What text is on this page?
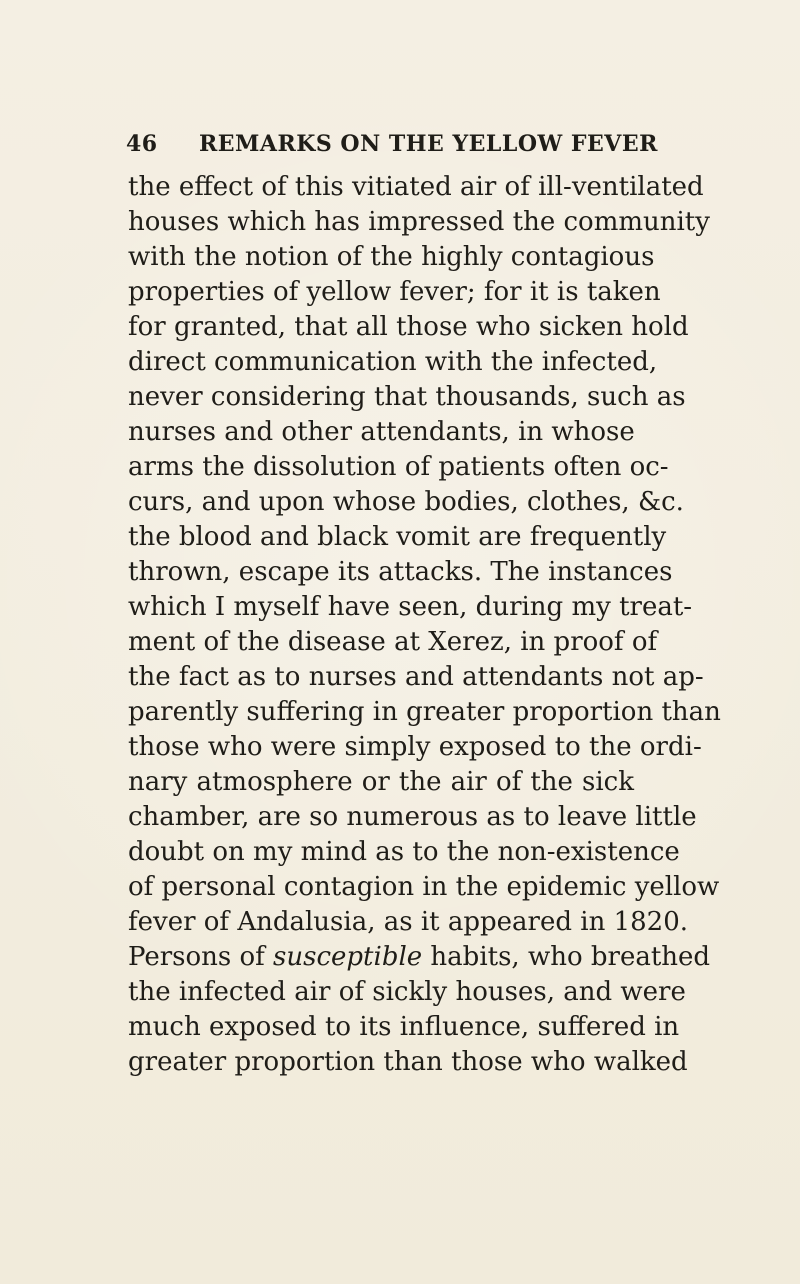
46 REMARKS ON THE YELLOW FEVER
the effect of this vitiated air of ill-ventilated
houses which has impressed the community
with the notion of the highly contagious
properties of yellow fever; for it is taken
for granted, that all those who sicken hold
direct communication with the infected,
never considering that thousands, such as
nurses and other attendants, in whose
arms the dissolution of patients often oc-
curs, and upon whose bodies, clothes, &c.
the blood and black vomit are frequently
thrown, escape its attacks. The instances
which I myself have seen, during my treat-
ment of the disease at Xerez, in proof of
the fact as to nurses and attendants not ap-
parently suffering in greater proportion than
those who were simply exposed to the ordi-
nary atmosphere or the air of the sick
chamber, are so numerous as to leave little
doubt on my mind as to the non-existence
of personal contagion in the epidemic yellow
fever of Andalusia, as it appeared in 1820.
Persons of susceptible habits, who breathed
the infected air of sickly houses, and were
much exposed to its influence, suffered in
greater proportion than those who walked
